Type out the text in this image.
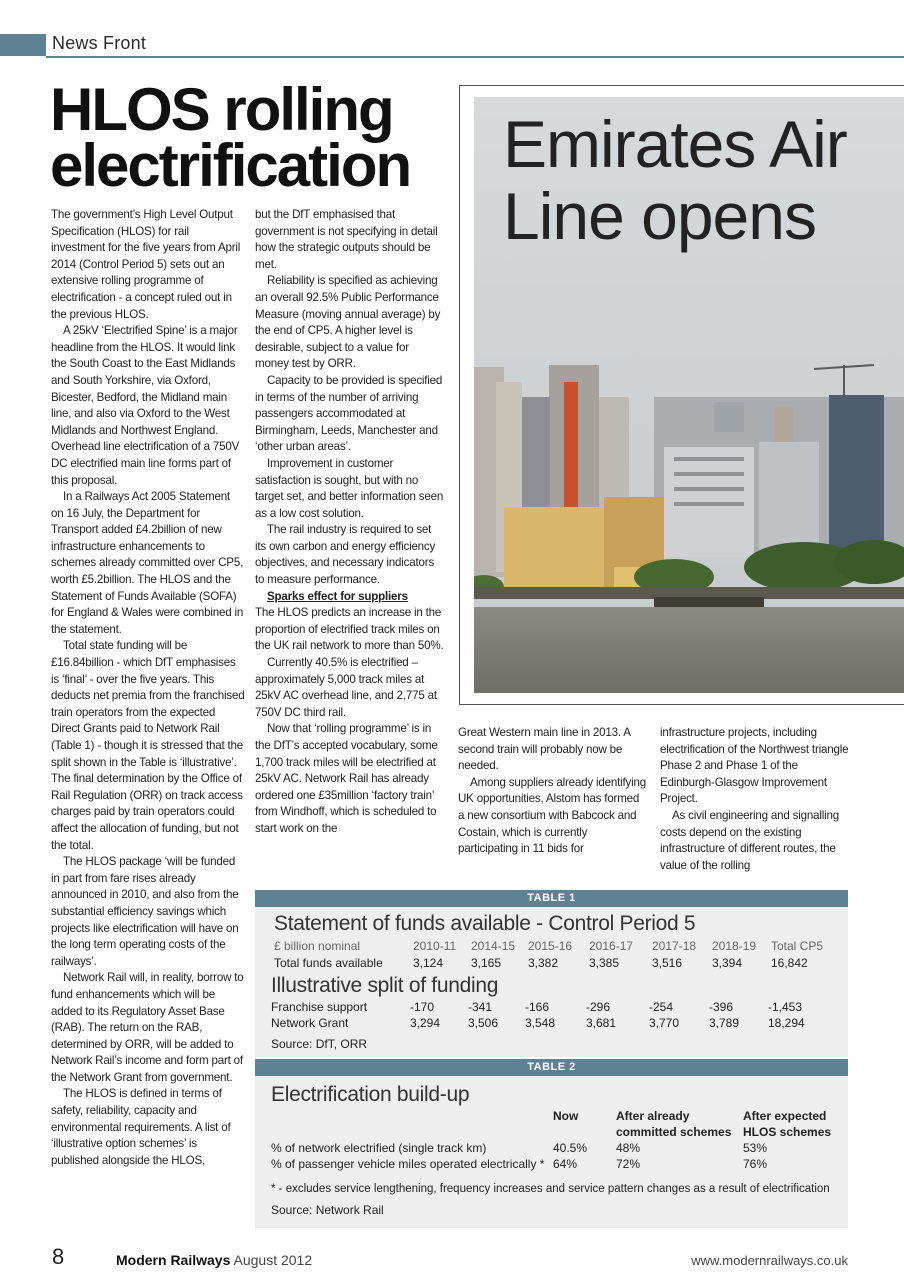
News Front
HLOS rolling
electrification

The government’s High Level Output Specification (HLOS) for rail investment for the five years from April 2014 (Control Period 5) sets out an extensive rolling programme of electrification - a concept ruled out in the previous HLOS.

A 25kV ‘Electrified Spine’ is a major headline from the HLOS. It would link the South Coast to the East Midlands and South Yorkshire, via Oxford, Bicester, Bedford, the Midland main line, and also via Oxford to the West Midlands and Northwest England. Overhead line electrification of a 750V DC electrified main line forms part of this proposal.

In a Railways Act 2005 Statement on 16 July, the Department for Transport added £4.2billion of new infrastructure enhancements to schemes already committed over CP5, worth £5.2billion. The HLOS and the Statement of Funds Available (SOFA) for England & Wales were combined in the statement.

Total state funding will be £16.84billion - which DfT emphasises is ‘final’ - over the five years. This deducts net premia from the franchised train operators from the expected Direct Grants paid to Network Rail (Table 1) - though it is stressed that the split shown in the Table is ‘illustrative’. The final determination by the Office of Rail Regulation (ORR) on track access charges paid by train operators could affect the allocation of funding, but not the total.

The HLOS package ‘will be funded in part from fare rises already announced in 2010, and also from the substantial efficiency savings which projects like electrification will have on the long term operating costs of the railways’.

Network Rail will, in reality, borrow to fund enhancements which will be added to its Regulatory Asset Base (RAB). The return on the RAB, determined by ORR, will be added to Network Rail’s income and form part of the Network Grant from government.

The HLOS is defined in terms of safety, reliability, capacity and environmental requirements. A list of ‘illustrative option schemes’ is published alongside the HLOS,

but the DfT emphasised that government is not specifying in detail how the strategic outputs should be met.

Reliability is specified as achieving an overall 92.5% Public Performance Measure (moving annual average) by the end of CP5. A higher level is desirable, subject to a value for money test by ORR.

Capacity to be provided is specified in terms of the number of arriving passengers accommodated at Birmingham, Leeds, Manchester and ‘other urban areas’.

Improvement in customer satisfaction is sought, but with no target set, and better information seen as a low cost solution.

The rail industry is required to set its own carbon and energy efficiency objectives, and necessary indicators to measure performance.

Sparks effect for suppliers

The HLOS predicts an increase in the proportion of electrified track miles on the UK rail network to more than 50%.

Currently 40.5% is electrified – approximately 5,000 track miles at 25kV AC overhead line, and 2,775 at 750V DC third rail.

Now that ‘rolling programme’ is in the DfT’s accepted vocabulary, some 1,700 track miles will be electrified at 25kV AC. Network Rail has already ordered one £35million ‘factory train’ from Windhoff, which is scheduled to start work on the

Emirates Air
Line opens

Great Western main line in 2013. A second train will probably now be needed.

Among suppliers already identifying UK opportunities, Alstom has formed a new consortium with Babcock and Costain, which is currently participating in 11 bids for

infrastructure projects, including electrification of the Northwest triangle Phase 2 and Phase 1 of the Edinburgh-Glasgow Improvement Project.

As civil engineering and signalling costs depend on the existing infrastructure of different routes, the value of the rolling

TABLE 1
Statement of funds available - Control Period 5
£ billion nominal	2010-11 2014-15 2015-16 2016-17 2017-18 2018-19 Total CP5
Total funds available	3,124 3,165 3,382	3,385	3,516 3,394 16,842
Illustrative split of funding
Franchise support	-170	-341	-166	-296	-254	-396	-1,453
Network Grant	3,294 3,506 3,548	3,681	3,770 3,789 18,294
Source: DfT, ORR
TABLE 2
Electrification build-up
Now	After already
committed schemes
After expected
HLOS schemes
% of network electrified (single track km)	40.5% 48%	53%
% of passenger vehicle miles operated electrically * 64%	72%	76%
* - excludes service lengthening, frequency increases and service pattern changes as a result of electrification
Source: Network Rail
8	Modern Railways August 2012	www.modernrailways.co.uk
